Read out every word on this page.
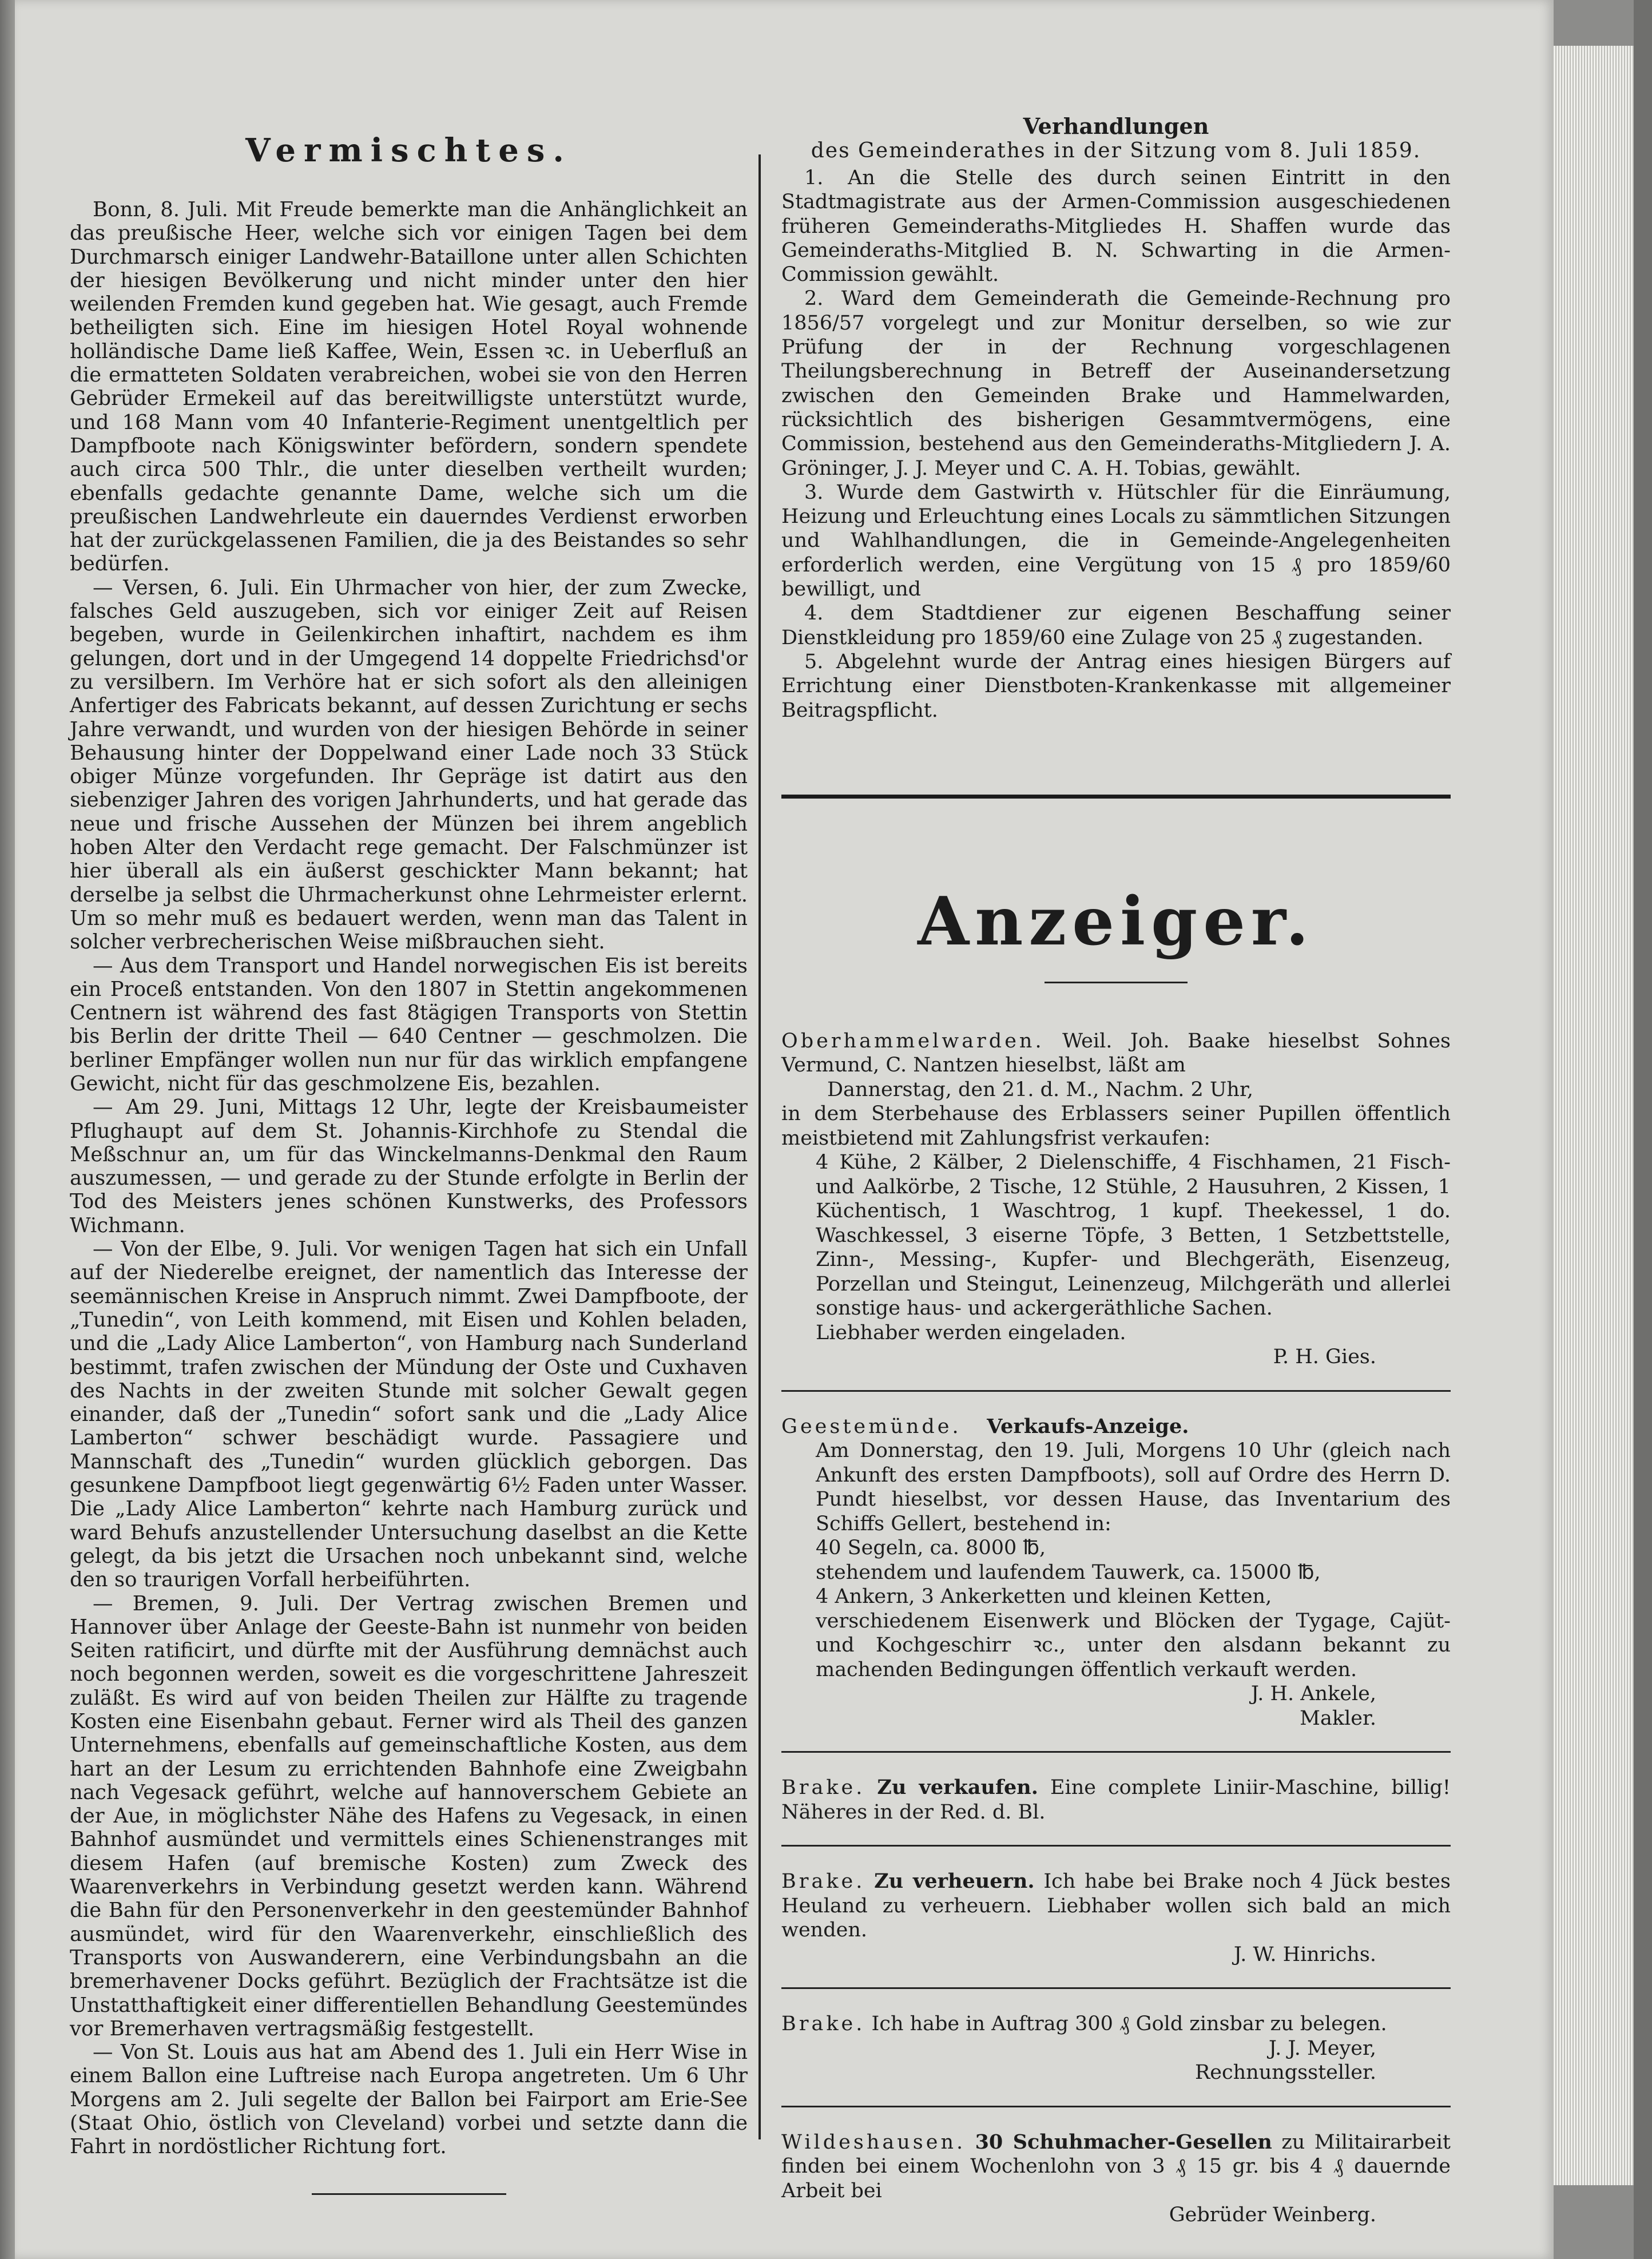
Vermischtes.

Bonn, 8. Juli. Mit Freude bemerkte man die Anhänglichkeit an das preußische Heer, welche sich vor einigen Tagen bei dem Durchmarsch einiger Landwehr-Bataillone unter allen Schichten der hiesigen Bevölkerung und nicht minder unter den hier weilenden Fremden kund gegeben hat. Wie gesagt, auch Fremde betheiligten sich. Eine im hiesigen Hotel Royal wohnende holländische Dame ließ Kaffee, Wein, Essen ꝛc. in Ueberfluß an die ermatteten Soldaten verabreichen, wobei sie von den Herren Gebrüder Ermekeil auf das bereitwilligste unterstützt wurde, und 168 Mann vom 40 Infanterie-Regiment unentgeltlich per Dampfboote nach Königswinter befördern, sondern spendete auch circa 500 Thlr., die unter dieselben vertheilt wurden; ebenfalls gedachte genannte Dame, welche sich um die preußischen Landwehrleute ein dauerndes Verdienst erworben hat der zurückgelassenen Familien, die ja des Beistandes so sehr bedürfen.

— Versen, 6. Juli. Ein Uhrmacher von hier, der zum Zwecke, falsches Geld auszugeben, sich vor einiger Zeit auf Reisen begeben, wurde in Geilenkirchen inhaftirt, nachdem es ihm gelungen, dort und in der Umgegend 14 doppelte Friedrichsd'or zu versilbern. Im Verhöre hat er sich sofort als den alleinigen Anfertiger des Fabricats bekannt, auf dessen Zurichtung er sechs Jahre verwandt, und wurden von der hiesigen Behörde in seiner Behausung hinter der Doppelwand einer Lade noch 33 Stück obiger Münze vorgefunden. Ihr Gepräge ist datirt aus den siebenziger Jahren des vorigen Jahrhunderts, und hat gerade das neue und frische Aussehen der Münzen bei ihrem angeblich hoben Alter den Verdacht rege gemacht. Der Falschmünzer ist hier überall als ein äußerst geschickter Mann bekannt; hat derselbe ja selbst die Uhrmacherkunst ohne Lehrmeister erlernt. Um so mehr muß es bedauert werden, wenn man das Talent in solcher verbrecherischen Weise mißbrauchen sieht.

— Aus dem Transport und Handel norwegischen Eis ist bereits ein Proceß entstanden. Von den 1807 in Stettin angekommenen Centnern ist während des fast 8tägigen Transports von Stettin bis Berlin der dritte Theil — 640 Centner — geschmolzen. Die berliner Empfänger wollen nun nur für das wirklich empfangene Gewicht, nicht für das geschmolzene Eis, bezahlen.

— Am 29. Juni, Mittags 12 Uhr, legte der Kreisbaumeister Pflughaupt auf dem St. Johannis-Kirchhofe zu Stendal die Meßschnur an, um für das Winckelmanns-Denkmal den Raum auszumessen, — und gerade zu der Stunde erfolgte in Berlin der Tod des Meisters jenes schönen Kunstwerks, des Professors Wichmann.

— Von der Elbe, 9. Juli. Vor wenigen Tagen hat sich ein Unfall auf der Niederelbe ereignet, der namentlich das Interesse der seemännischen Kreise in Anspruch nimmt. Zwei Dampfboote, der „Tunedin“, von Leith kommend, mit Eisen und Kohlen beladen, und die „Lady Alice Lamberton“, von Hamburg nach Sunderland bestimmt, trafen zwischen der Mündung der Oste und Cuxhaven des Nachts in der zweiten Stunde mit solcher Gewalt gegen einander, daß der „Tunedin“ sofort sank und die „Lady Alice Lamberton“ schwer beschädigt wurde. Passagiere und Mannschaft des „Tunedin“ wurden glücklich geborgen. Das gesunkene Dampfboot liegt gegenwärtig 6½ Faden unter Wasser. Die „Lady Alice Lamberton“ kehrte nach Hamburg zurück und ward Behufs anzustellender Untersuchung daselbst an die Kette gelegt, da bis jetzt die Ursachen noch unbekannt sind, welche den so traurigen Vorfall herbeiführten.

— Bremen, 9. Juli. Der Vertrag zwischen Bremen und Hannover über Anlage der Geeste-Bahn ist nunmehr von beiden Seiten ratificirt, und dürfte mit der Ausführung demnächst auch noch begonnen werden, soweit es die vorgeschrittene Jahreszeit zuläßt. Es wird auf von beiden Theilen zur Hälfte zu tragende Kosten eine Eisenbahn gebaut. Ferner wird als Theil des ganzen Unternehmens, ebenfalls auf gemeinschaftliche Kosten, aus dem hart an der Lesum zu errichtenden Bahnhofe eine Zweigbahn nach Vegesack geführt, welche auf hannoverschem Gebiete an der Aue, in möglichster Nähe des Hafens zu Vegesack, in einen Bahnhof ausmündet und vermittels eines Schienenstranges mit diesem Hafen (auf bremische Kosten) zum Zweck des Waarenverkehrs in Verbindung gesetzt werden kann. Während die Bahn für den Personenverkehr in den geestemünder Bahnhof ausmündet, wird für den Waarenverkehr, einschließlich des Transports von Auswanderern, eine Verbindungsbahn an die bremerhavener Docks geführt. Bezüglich der Frachtsätze ist die Unstatthaftigkeit einer differentiellen Behandlung Geestemündes vor Bremerhaven vertragsmäßig festgestellt.

— Von St. Louis aus hat am Abend des 1. Juli ein Herr Wise in einem Ballon eine Luftreise nach Europa angetreten. Um 6 Uhr Morgens am 2. Juli segelte der Ballon bei Fairport am Erie-See (Staat Ohio, östlich von Cleveland) vorbei und setzte dann die Fahrt in nordöstlicher Richtung fort.

Verhandlungen
des Gemeinderathes in der Sitzung vom 8. Juli 1859.

1. An die Stelle des durch seinen Eintritt in den Stadtmagistrate aus der Armen-Commission ausgeschiedenen früheren Gemeinderaths-Mitgliedes H. Shaffen wurde das Gemeinderaths-Mitglied B. N. Schwarting in die Armen-Commission gewählt.

2. Ward dem Gemeinderath die Gemeinde-Rechnung pro 1856/57 vorgelegt und zur Monitur derselben, so wie zur Prüfung der in der Rechnung vorgeschlagenen Theilungsberechnung in Betreff der Auseinandersetzung zwischen den Gemeinden Brake und Hammelwarden, rücksichtlich des bisherigen Gesammtvermögens, eine Commission, bestehend aus den Gemeinderaths-Mitgliedern J. A. Gröninger, J. J. Meyer und C. A. H. Tobias, gewählt.

3. Wurde dem Gastwirth v. Hütschler für die Einräumung, Heizung und Erleuchtung eines Locals zu sämmtlichen Sitzungen und Wahlhandlungen, die in Gemeinde-Angelegenheiten erforderlich werden, eine Vergütung von 15 ₰ pro 1859/60 bewilligt, und

4. dem Stadtdiener zur eigenen Beschaffung seiner Dienstkleidung pro 1859/60 eine Zulage von 25 ₰ zugestanden.

5. Abgelehnt wurde der Antrag eines hiesigen Bürgers auf Errichtung einer Dienstboten-Krankenkasse mit allgemeiner Beitragspflicht.

Anzeiger.

Oberhammelwarden. Weil. Joh. Baake hieselbst Sohnes Vermund, C. Nantzen hieselbst, läßt am

Dannerstag, den 21. d. M., Nachm. 2 Uhr,

in dem Sterbehause des Erblassers seiner Pupillen öffentlich meistbietend mit Zahlungsfrist verkaufen:

4 Kühe, 2 Kälber, 2 Dielenschiffe, 4 Fischhamen, 21 Fisch- und Aalkörbe, 2 Tische, 12 Stühle, 2 Hausuhren, 2 Kissen, 1 Küchentisch, 1 Waschtrog, 1 kupf. Theekessel, 1 do. Waschkessel, 3 eiserne Töpfe, 3 Betten, 1 Setzbettstelle, Zinn-, Messing-, Kupfer- und Blechgeräth, Eisenzeug, Porzellan und Steingut, Leinenzeug, Milchgeräth und allerlei sonstige haus- und ackergeräthliche Sachen.

Liebhaber werden eingeladen.

P. H. Gies.

Geestemünde. Verkaufs-Anzeige.

Am Donnerstag, den 19. Juli, Morgens 10 Uhr (gleich nach Ankunft des ersten Dampfboots), soll auf Ordre des Herrn D. Pundt hieselbst, vor dessen Hause, das Inventarium des Schiffs Gellert, bestehend in:

40 Segeln, ca. 8000 ℔,

stehendem und laufendem Tauwerk, ca. 15000 ℔,

4 Ankern, 3 Ankerketten und kleinen Ketten,

verschiedenem Eisenwerk und Blöcken der Tygage, Cajüt- und Kochgeschirr ꝛc., unter den alsdann bekannt zu machenden Bedingungen öffentlich verkauft werden.

J. H. Ankele,

Makler.

Brake. Zu verkaufen. Eine complete Liniir-Maschine, billig! Näheres in der Red. d. Bl.

Brake. Zu verheuern. Ich habe bei Brake noch 4 Jück bestes Heuland zu verheuern. Liebhaber wollen sich bald an mich wenden.

J. W. Hinrichs.

Brake. Ich habe in Auftrag 300 ₰ Gold zinsbar zu belegen.

J. J. Meyer,

Rechnungssteller.

Wildeshausen. 30 Schuhmacher-Gesellen zu Militairarbeit finden bei einem Wochenlohn von 3 ₰ 15 gr. bis 4 ₰ dauernde Arbeit bei

Gebrüder Weinberg.
